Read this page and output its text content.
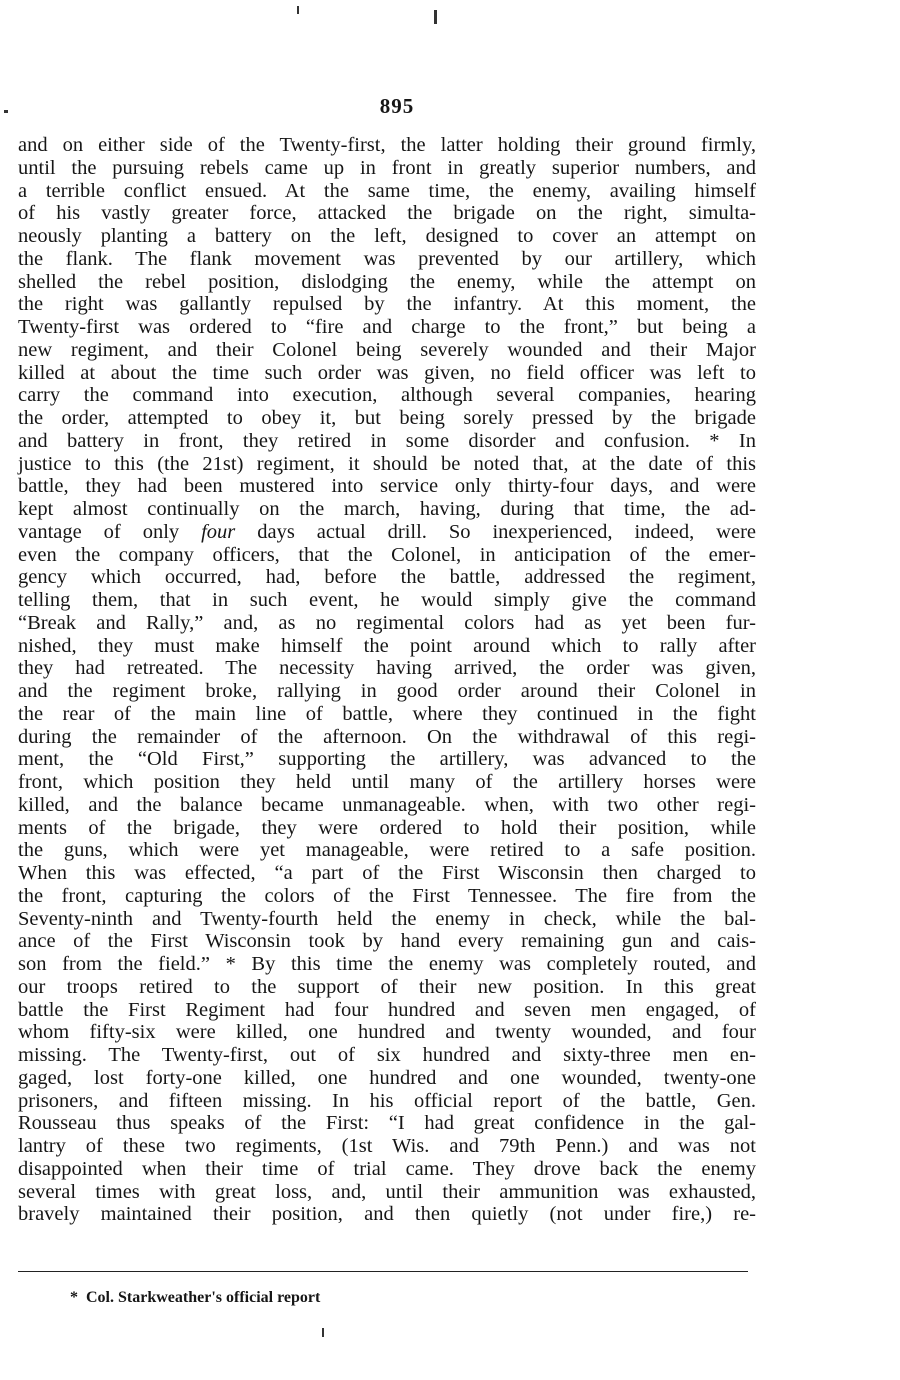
895
and on either side of the Twenty-first, the latter holding their ground firmly,
until the pursuing rebels came up in front in greatly superior numbers, and
a terrible conflict ensued. At the same time, the enemy, availing himself
of his vastly greater force, attacked the brigade on the right, simulta-
neously planting a battery on the left, designed to cover an attempt on
the flank. The flank movement was prevented by our artillery, which
shelled the rebel position, dislodging the enemy, while the attempt on
the right was gallantly repulsed by the infantry. At this moment, the
Twenty-first was ordered to “fire and charge to the front,” but being a
new regiment, and their Colonel being severely wounded and their Major
killed at about the time such order was given, no field officer was left to
carry the command into execution, although several companies, hearing
the order, attempted to obey it, but being sorely pressed by the brigade
and battery in front, they retired in some disorder and confusion. * In
justice to this (the 21st) regiment, it should be noted that, at the date of this
battle, they had been mustered into service only thirty-four days, and were
kept almost continually on the march, having, during that time, the ad-
vantage of only four days actual drill. So inexperienced, indeed, were
even the company officers, that the Colonel, in anticipation of the emer-
gency which occurred, had, before the battle, addressed the regiment,
telling them, that in such event, he would simply give the command
“Break and Rally,” and, as no regimental colors had as yet been fur-
nished, they must make himself the point around which to rally after
they had retreated. The necessity having arrived, the order was given,
and the regiment broke, rallying in good order around their Colonel in
the rear of the main line of battle, where they continued in the fight
during the remainder of the afternoon. On the withdrawal of this regi-
ment, the “Old First,” supporting the artillery, was advanced to the
front, which position they held until many of the artillery horses were
killed, and the balance became unmanageable. when, with two other regi-
ments of the brigade, they were ordered to hold their position, while
the guns, which were yet manageable, were retired to a safe position.
When this was effected, “a part of the First Wisconsin then charged to
the front, capturing the colors of the First Tennessee. The fire from the
Seventy-ninth and Twenty-fourth held the enemy in check, while the bal-
ance of the First Wisconsin took by hand every remaining gun and cais-
son from the field.” * By this time the enemy was completely routed, and
our troops retired to the support of their new position. In this great
battle the First Regiment had four hundred and seven men engaged, of
whom fifty-six were killed, one hundred and twenty wounded, and four
missing. The Twenty-first, out of six hundred and sixty-three men en-
gaged, lost forty-one killed, one hundred and one wounded, twenty-one
prisoners, and fifteen missing. In his official report of the battle, Gen.
Rousseau thus speaks of the First: “I had great confidence in the gal-
lantry of these two regiments, (1st Wis. and 79th Penn.) and was not
disappointed when their time of trial came. They drove back the enemy
several times with great loss, and, until their ammunition was exhausted,
bravely maintained their position, and then quietly (not under fire,) re-
* Col. Starkweather's official report
